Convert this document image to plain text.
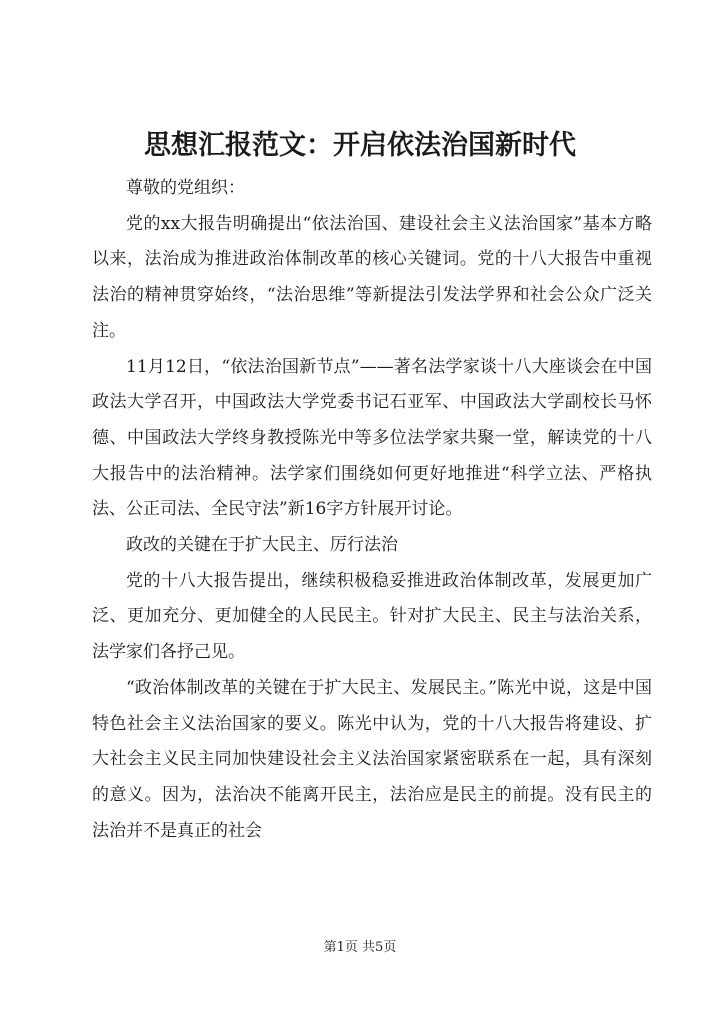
思想汇报范文：开启依法治国新时代

尊敬的党组织：

党的xx大报告明确提出“依法治国、建设社会主义法治国家”基本方略以来，法治成为推进政治体制改革的核心关键词。党的十八大报告中重视法治的精神贯穿始终，“法治思维”等新提法引发法学界和社会公众广泛关注。

11月12日，“依法治国新节点”——著名法学家谈十八大座谈会在中国政法大学召开，中国政法大学党委书记石亚军、中国政法大学副校长马怀德、中国政法大学终身教授陈光中等多位法学家共聚一堂，解读党的十八大报告中的法治精神。法学家们围绕如何更好地推进“科学立法、严格执法、公正司法、全民守法”新16字方针展开讨论。

政改的关键在于扩大民主、厉行法治

党的十八大报告提出，继续积极稳妥推进政治体制改革，发展更加广泛、更加充分、更加健全的人民民主。针对扩大民主、民主与法治关系，法学家们各抒己见。

“政治体制改革的关键在于扩大民主、发展民主。”陈光中说，这是中国特色社会主义法治国家的要义。陈光中认为，党的十八大报告将建设、扩大社会主义民主同加快建设社会主义法治国家紧密联系在一起，具有深刻的意义。因为，法治决不能离开民主，法治应是民主的前提。没有民主的法治并不是真正的社会

第1页 共5页
